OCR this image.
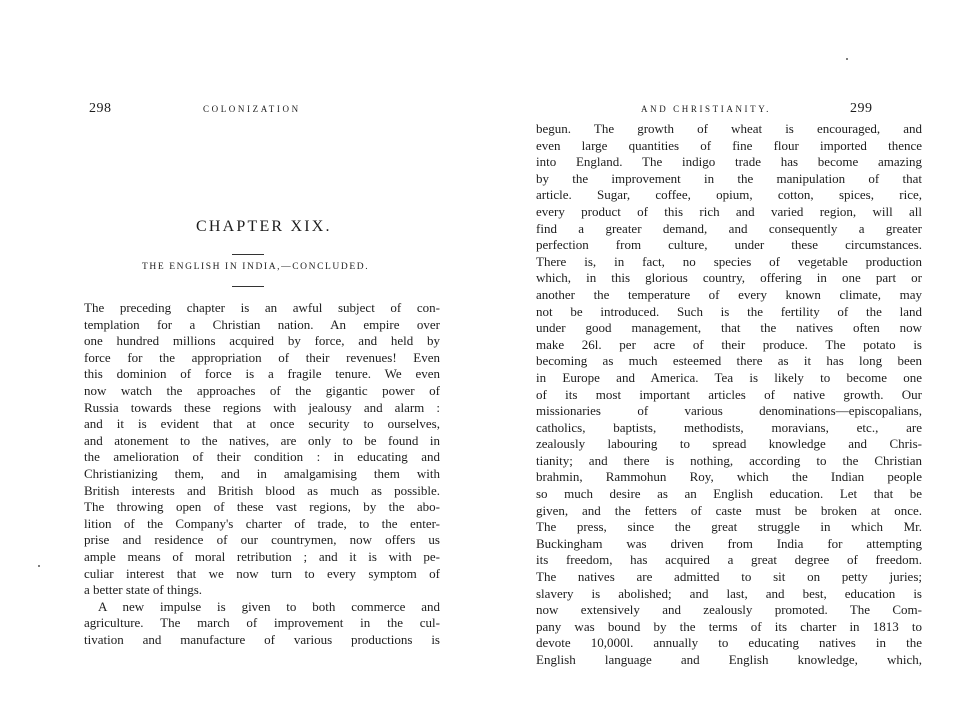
298	COLONIZATION
CHAPTER XIX.
THE ENGLISH IN INDIA,—CONCLUDED.
The preceding chapter is an awful subject of con-
templation for a Christian nation. An empire over
one hundred millions acquired by force, and held by
force for the appropriation of their revenues! Even
this dominion of force is a fragile tenure. We even
now watch the approaches of the gigantic power of
Russia towards these regions with jealousy and alarm :
and it is evident that at once security to ourselves,
and atonement to the natives, are only to be found in
the amelioration of their condition : in educating and
Christianizing them, and in amalgamising them with
British interests and British blood as much as possible.
The throwing open of these vast regions, by the abo-
lition of the Company's charter of trade, to the enter-
prise and residence of our countrymen, now offers us
ample means of moral retribution ; and it is with pe-
culiar interest that we now turn to every symptom of
a better state of things.
A new impulse is given to both commerce and
agriculture. The march of improvement in the cul-
tivation and manufacture of various productions is
AND CHRISTIANITY.	299
begun. The growth of wheat is encouraged, and
even large quantities of fine flour imported thence
into England. The indigo trade has become amazing
by the improvement in the manipulation of that
article. Sugar, coffee, opium, cotton, spices, rice,
every product of this rich and varied region, will all
find a greater demand, and consequently a greater
perfection from culture, under these circumstances.
There is, in fact, no species of vegetable production
which, in this glorious country, offering in one part or
another the temperature of every known climate, may
not be introduced. Such is the fertility of the land
under good management, that the natives often now
make 26l. per acre of their produce. The potato is
becoming as much esteemed there as it has long been
in Europe and America. Tea is likely to become one
of its most important articles of native growth. Our
missionaries of various denominations—episcopalians,
catholics, baptists, methodists, moravians, etc., are
zealously labouring to spread knowledge and Chris-
tianity; and there is nothing, according to the Christian
brahmin, Rammohun Roy, which the Indian people
so much desire as an English education. Let that be
given, and the fetters of caste must be broken at once.
The press, since the great struggle in which Mr.
Buckingham was driven from India for attempting
its freedom, has acquired a great degree of freedom.
The natives are admitted to sit on petty juries;
slavery is abolished; and last, and best, education is
now extensively and zealously promoted. The Com-
pany was bound by the terms of its charter in 1813 to
devote 10,000l. annually to educating natives in the
English language and English knowledge, which,
